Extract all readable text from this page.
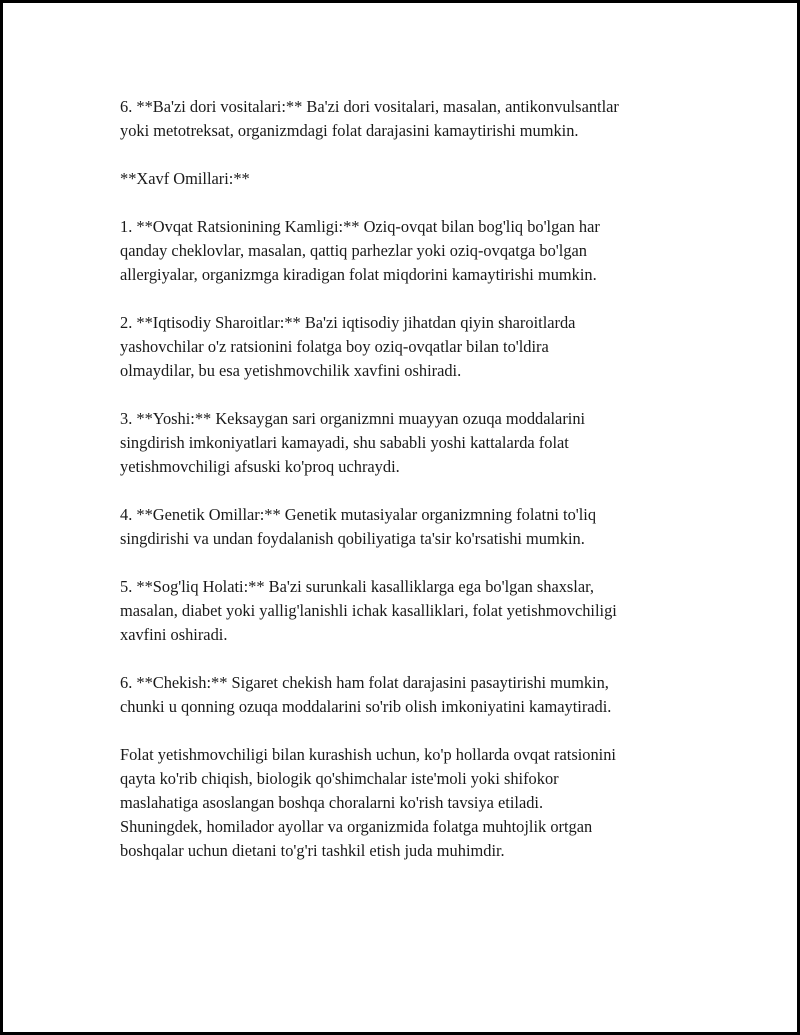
6. **Ba'zi dori vositalari:** Ba'zi dori vositalari, masalan, antikonvulsantlar
yoki metotreksat, organizmdagi folat darajasini kamaytirishi mumkin.

**Xavf Omillari:**

1. **Ovqat Ratsionining Kamligi:** Oziq-ovqat bilan bog'liq bo'lgan har
qanday cheklovlar, masalan, qattiq parhezlar yoki oziq-ovqatga bo'lgan
allergiyalar, organizmga kiradigan folat miqdorini kamaytirishi mumkin.

2. **Iqtisodiy Sharoitlar:** Ba'zi iqtisodiy jihatdan qiyin sharoitlarda
yashovchilar o'z ratsionini folatga boy oziq-ovqatlar bilan to'ldira
olmaydilar, bu esa yetishmovchilik xavfini oshiradi.

3. **Yoshi:** Keksaygan sari organizmni muayyan ozuqa moddalarini
singdirish imkoniyatlari kamayadi, shu sababli yoshi kattalarda folat
yetishmovchiligi afsuski ko'proq uchraydi.

4. **Genetik Omillar:** Genetik mutasiyalar organizmning folatni to'liq
singdirishi va undan foydalanish qobiliyatiga ta'sir ko'rsatishi mumkin.

5. **Sog'liq Holati:** Ba'zi surunkali kasalliklarga ega bo'lgan shaxslar,
masalan, diabet yoki yallig'lanishli ichak kasalliklari, folat yetishmovchiligi
xavfini oshiradi.

6. **Chekish:** Sigaret chekish ham folat darajasini pasaytirishi mumkin,
chunki u qonning ozuqa moddalarini so'rib olish imkoniyatini kamaytiradi.

Folat yetishmovchiligi bilan kurashish uchun, ko'p hollarda ovqat ratsionini
qayta ko'rib chiqish, biologik qo'shimchalar iste'moli yoki shifokor
maslahatiga asoslangan boshqa choralarni ko'rish tavsiya etiladi.
Shuningdek, homilador ayollar va organizmida folatga muhtojlik ortgan
boshqalar uchun dietani to'g'ri tashkil etish juda muhimdir.
